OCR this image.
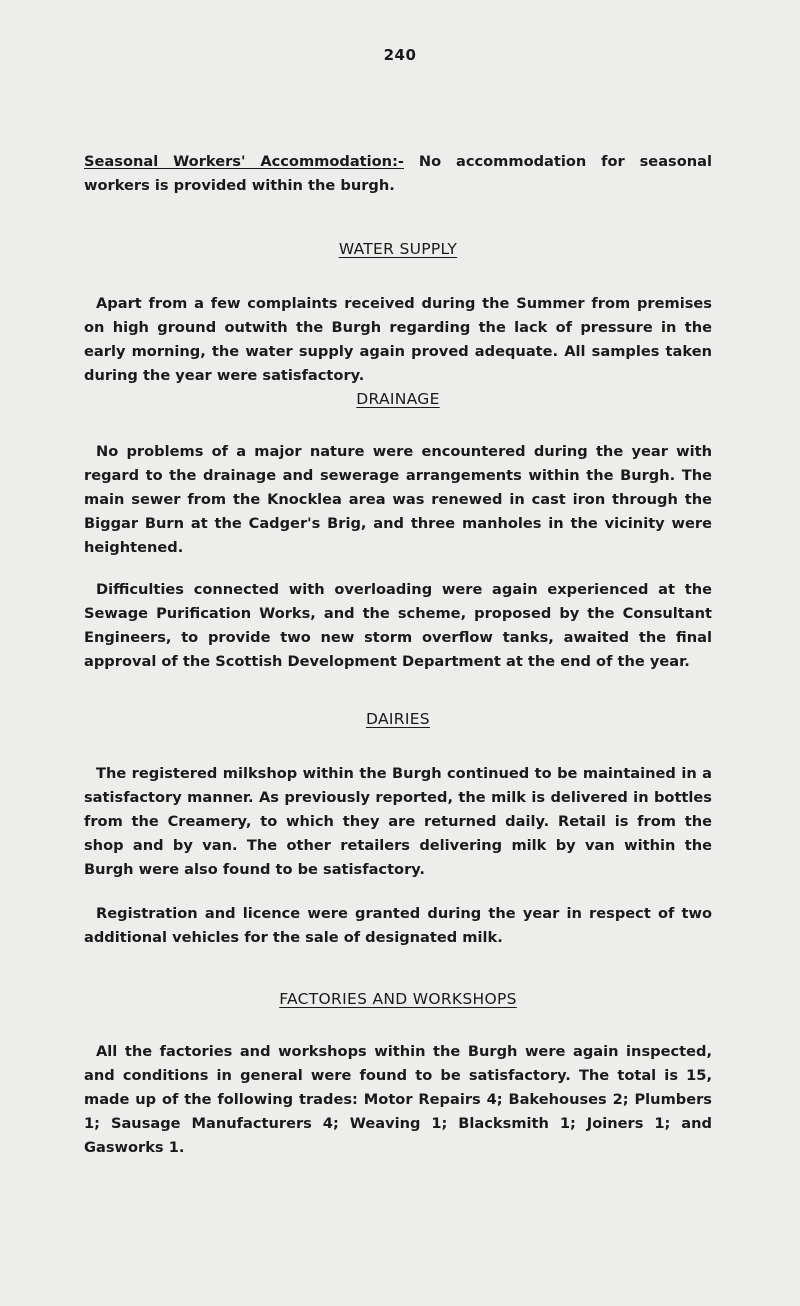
240
Seasonal Workers' Accommodation:- No accommodation for seasonal workers is provided within the burgh.
WATER SUPPLY
Apart from a few complaints received during the Summer from premises on high ground outwith the Burgh regarding the lack of pressure in the early morning, the water supply again proved adequate. All samples taken during the year were satisfactory.
DRAINAGE
No problems of a major nature were encountered during the year with regard to the drainage and sewerage arrangements within the Burgh. The main sewer from the Knocklea area was renewed in cast iron through the Biggar Burn at the Cadger's Brig, and three manholes in the vicinity were heightened.
Difficulties connected with overloading were again experienced at the Sewage Purification Works, and the scheme, proposed by the Consultant Engineers, to provide two new storm overflow tanks, awaited the final approval of the Scottish Development Department at the end of the year.
DAIRIES
The registered milkshop within the Burgh continued to be maintained in a satisfactory manner. As previously reported, the milk is delivered in bottles from the Creamery, to which they are returned daily. Retail is from the shop and by van. The other retailers delivering milk by van within the Burgh were also found to be satisfactory.
Registration and licence were granted during the year in respect of two additional vehicles for the sale of designated milk.
FACTORIES AND WORKSHOPS
All the factories and workshops within the Burgh were again inspected, and conditions in general were found to be satisfactory. The total is 15, made up of the following trades: Motor Repairs 4; Bakehouses 2; Plumbers 1; Sausage Manufacturers 4; Weaving 1; Blacksmith 1; Joiners 1; and Gasworks 1.
